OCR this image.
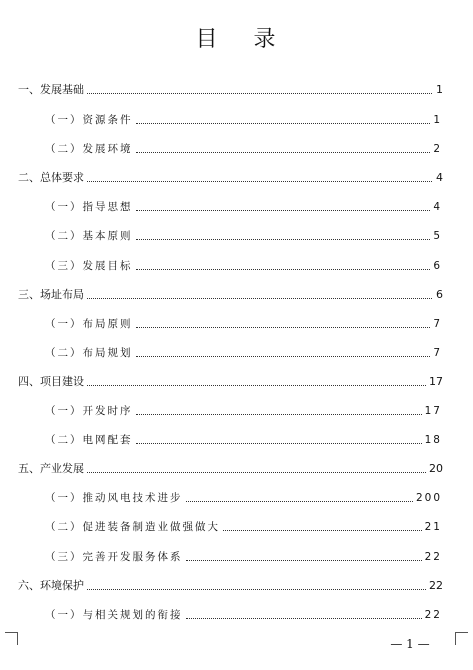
目 录
一、发展基础	1
（一）资源条件	1
（二）发展环境	2
二、总体要求	4
（一）指导思想	4
（二）基本原则	5
（三）发展目标	6
三、场址布局	6
（一）布局原则	7
（二）布局规划	7
四、项目建设	17
（一）开发时序	17
（二）电网配套	18
五、产业发展	20
（一）推动风电技术进步	200
（二）促进装备制造业做强做大	21
（三）完善开发服务体系	22
六、环境保护	22
（一）与相关规划的衔接	22
— 1 —
